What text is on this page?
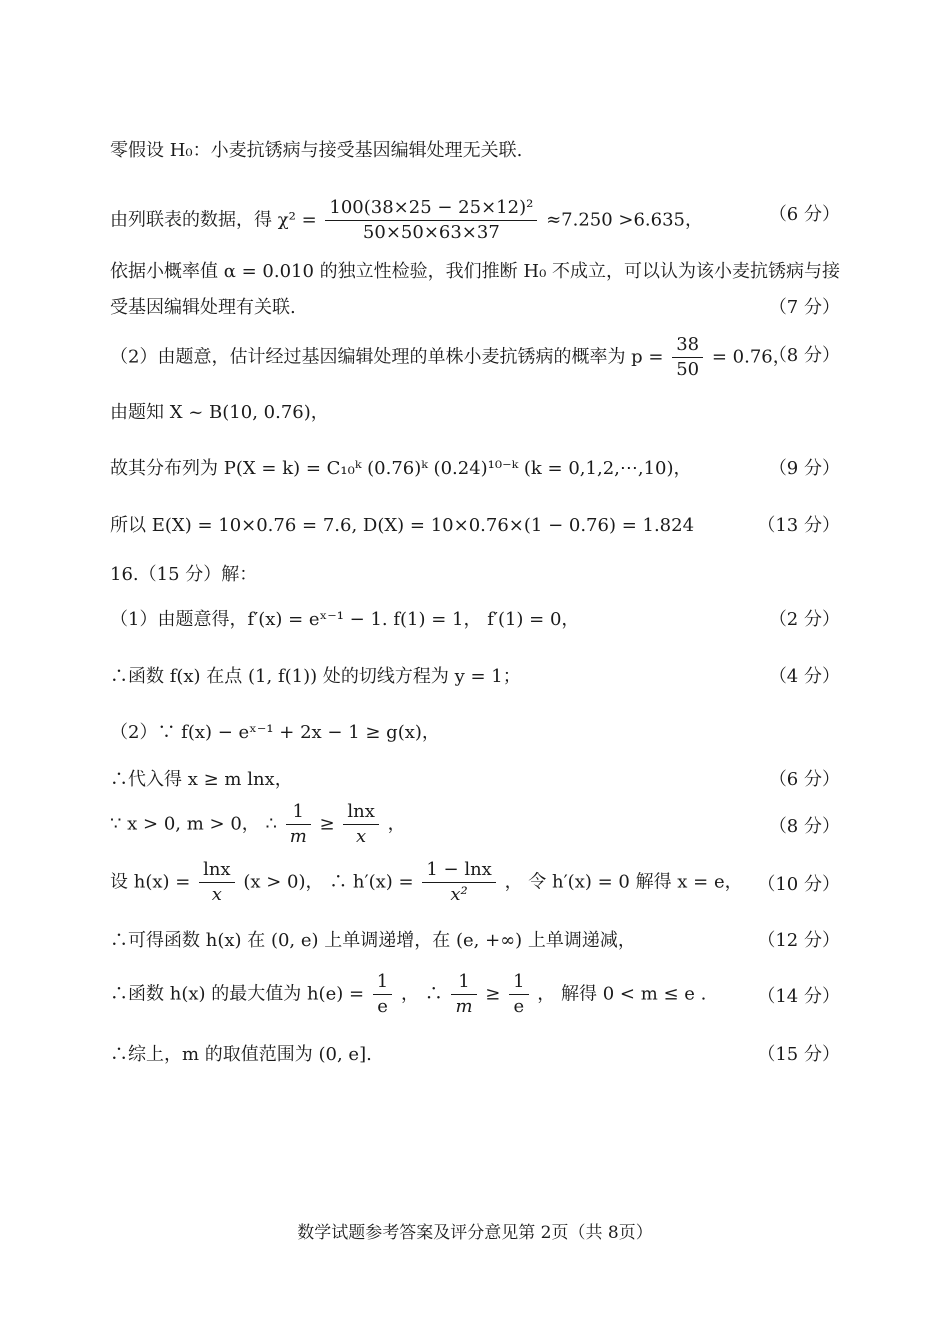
零假设 H₀：小麦抗锈病与接受基因编辑处理无关联.
由列联表的数据，得 $\chi^2 = \frac{\text{100(38×25 − 25×12)²}}{50\times 50\times 63\times 37} \approx 7.250 >6.635$，	（6 分）
依据小概率值 α = 0.010 的独立性检验，我们推断 H₀ 不成立，可以认为该小麦抗锈病与接
受基因编辑处理有关联.	（7 分）
（2）由题意，估计经过基因编辑处理的单株小麦抗锈病的概率为 $p = \frac{38}{50} = 0.76$，
（8 分）
由题知 X ~ B(10, 0.76)，
故其分布列为 P(X = k) = C₁₀ᵏ (0.76)ᵏ (0.24)¹⁰⁻ᵏ (k = 0,1,2,⋯,10)，	（9 分）
所以 E(X) = 10×0.76 = 7.6, D(X) = 10×0.76×(1 − 0.76) = 1.824	（13 分）
16.（15 分）解：
（1）由题意得，f′(x) = eˣ⁻¹ − 1. f(1) = 1， f′(1) = 0，	（2 分）
∴函数 f(x) 在点 (1, f(1)) 处的切线方程为 y = 1；	（4 分）
（2）∵ f(x) − eˣ⁻¹ + 2x − 1 ≥ g(x)，
∴代入得 x ≥ m lnx，	（6 分）
∵ x > 0, m > 0， ∴ $\frac{1}{m} \ge \frac{\ln x}{x}$ ，	（8 分）
设 $h(x) = \frac{\ln x}{x} (x > 0)$， ∴ $h'(x) = \frac{1 - \ln x}{\text{x²}}$ ， 令 h′(x) = 0 解得 x = e， （10 分）
∴可得函数 h(x) 在 (0, e) 上单调递增，在 (e, +∞) 上单调递减，	（12 分）
∴函数 h(x) 的最大值为 $h(e) = \frac{1}{e}$ ， ∴ $\frac{1}{m} \ge \frac{1}{e}$ ， 解得 0 < m ≤ e .	（14 分）
∴综上，m 的取值范围为 (0, e].	（15 分）
数学试题参考答案及评分意见第 2页（共 8页）
